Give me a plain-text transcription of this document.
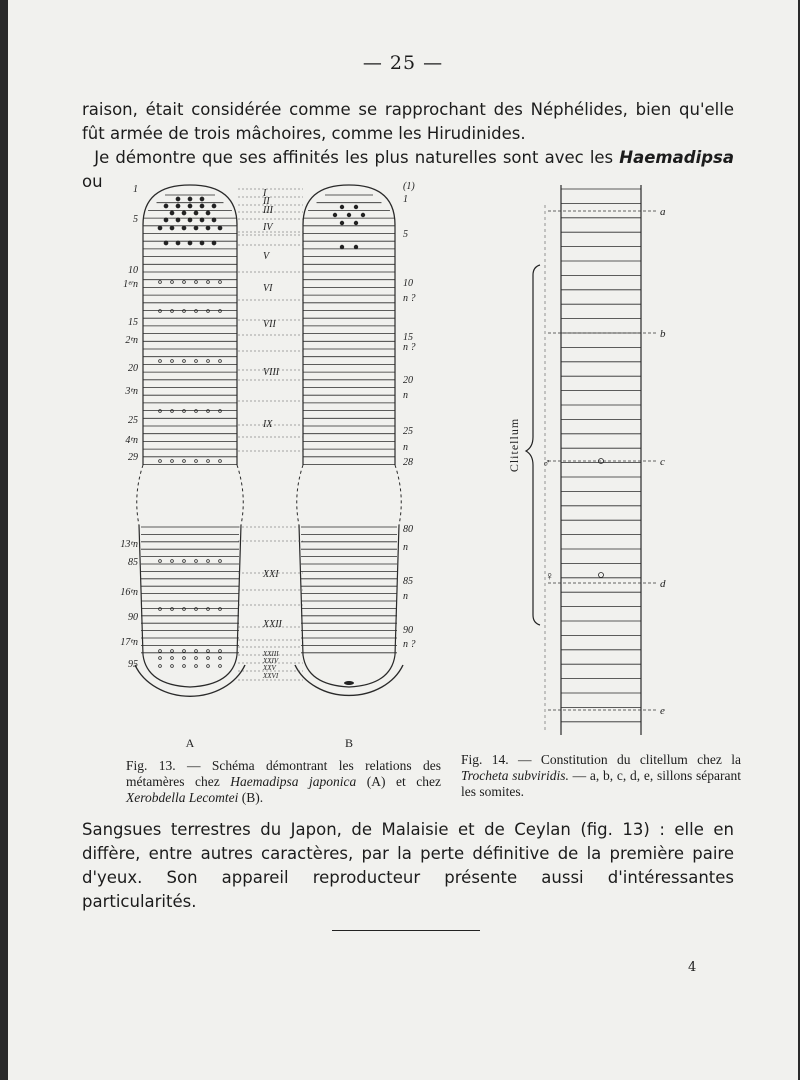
— 25 —

raison, était considérée comme se rapprochant des Néphélides, bien qu'elle fût armée de trois mâchoires, comme les Hirudinides.
Je démontre que ses affinités les plus naturelles sont avec les Haemadipsa ou	1
5
10
1ᵉʳn
15
2ᵉn
20
3ᵉn
25
4ᵉn
29
13ᵉn
85
16ᵉn
90
17ᵉn
95
I
II
III
IV
V
VI
VII
VIII
IX
XXI
XXII
XXIII
XXIV
XXV
XXVI
(1)
1
5
10
n ?
15
n ?
20
n
25
n
28
80
n
85
n
90
n ?
A	B
a
b
c
d
e
♂
♀
Clitellum
Fig. 13. — Schéma démontrant les relations des métamères chez Haemadipsa japonica (A) et chez Xerobdella Lecomtei (B).
Fig. 14. — Constitution du clitellum chez la Trocheta subviridis. — a, b, c, d, e, sillons séparant les somites.

Sangsues terrestres du Japon, de Malaisie et de Ceylan (fig. 13) : elle en diffère, entre autres caractères, par la perte définitive de la première paire d'yeux. Son appareil reproducteur présente aussi d'intéressantes particularités.

4
